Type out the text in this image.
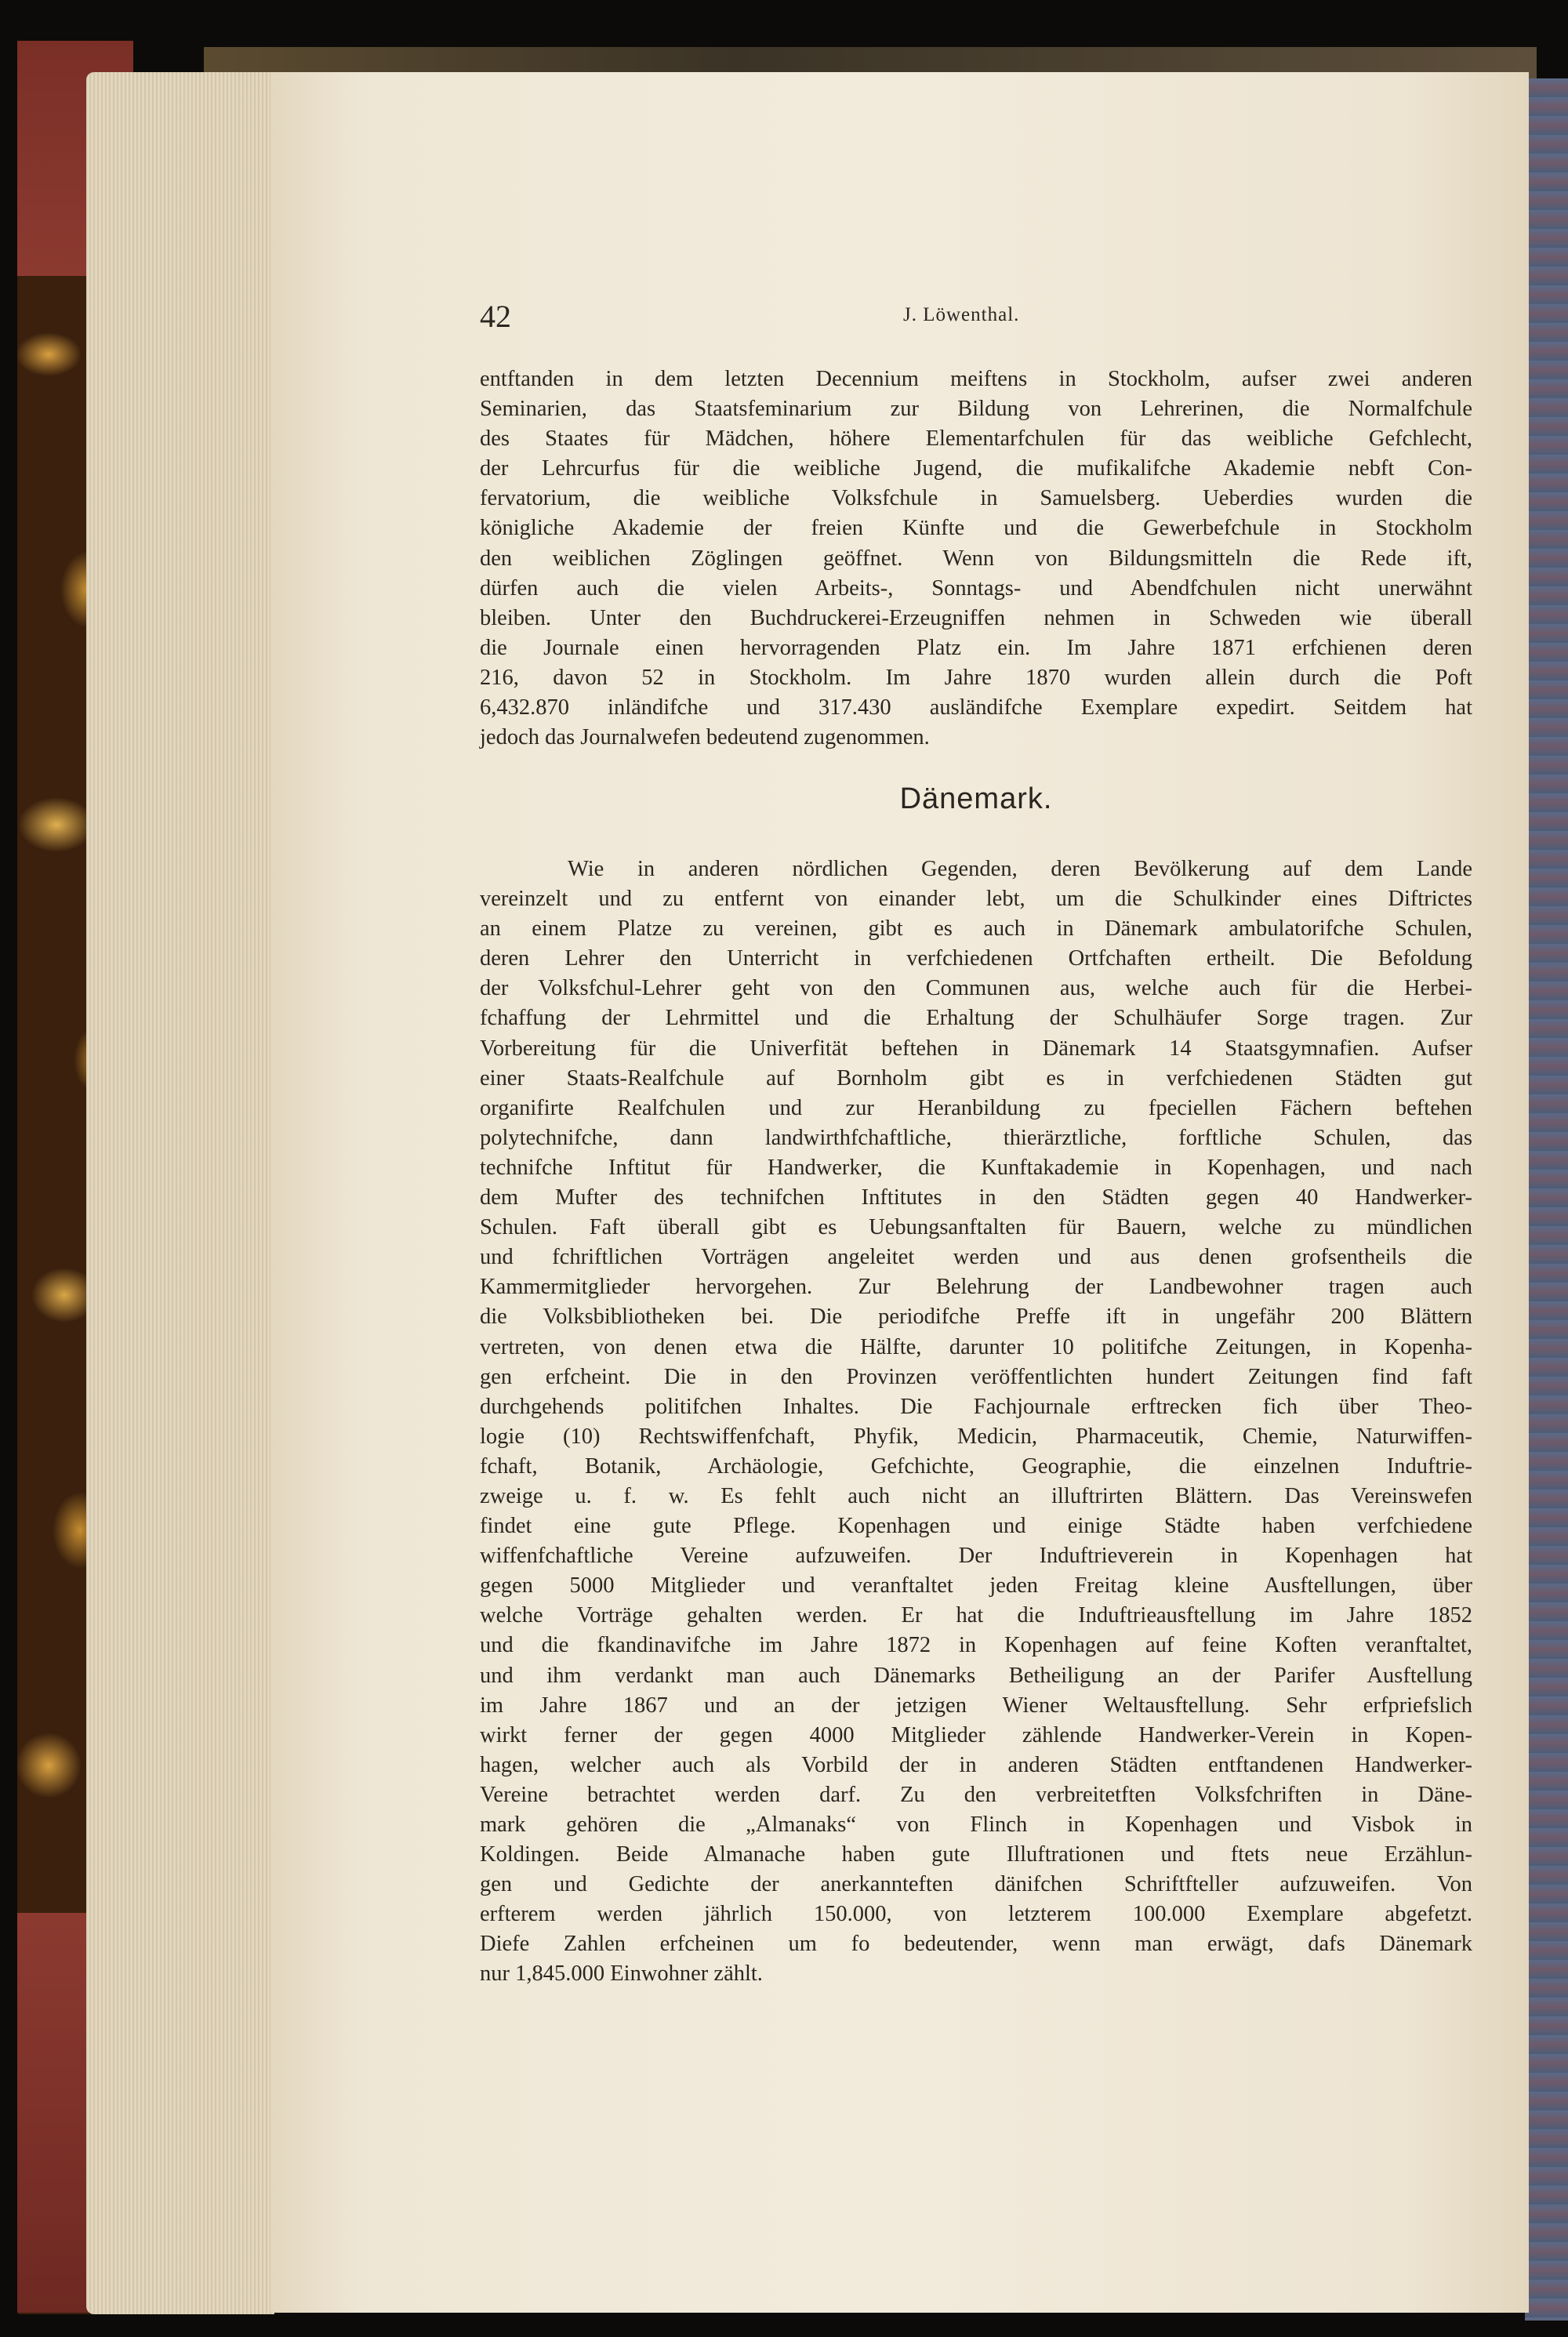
42	J. Löwenthal.
entftanden in dem letzten Decennium meiftens in Stockholm, aufser zwei anderen
Seminarien, das Staatsfeminarium zur Bildung von Lehrerinen, die Normalfchule
des Staates für Mädchen, höhere Elementarfchulen für das weibliche Gefchlecht,
der Lehrcurfus für die weibliche Jugend, die mufikalifche Akademie nebft Con-
fervatorium, die weibliche Volksfchule in Samuelsberg. Ueberdies wurden die
königliche Akademie der freien Künfte und die Gewerbefchule in Stockholm
den weiblichen Zöglingen geöffnet. Wenn von Bildungsmitteln die Rede ift,
dürfen auch die vielen Arbeits-, Sonntags- und Abendfchulen nicht unerwähnt
bleiben. Unter den Buchdruckerei-Erzeugniffen nehmen in Schweden wie überall
die Journale einen hervorragenden Platz ein. Im Jahre 1871 erfchienen deren
216, davon 52 in Stockholm. Im Jahre 1870 wurden allein durch die Poft
6,432.870 inländifche und 317.430 ausländifche Exemplare expedirt. Seitdem hat
jedoch das Journalwefen bedeutend zugenommen.
Dänemark.
Wie in anderen nördlichen Gegenden, deren Bevölkerung auf dem Lande
vereinzelt und zu entfernt von einander lebt, um die Schulkinder eines Diftrictes
an einem Platze zu vereinen, gibt es auch in Dänemark ambulatorifche Schulen,
deren Lehrer den Unterricht in verfchiedenen Ortfchaften ertheilt. Die Befoldung
der Volksfchul-Lehrer geht von den Communen aus, welche auch für die Herbei-
fchaffung der Lehrmittel und die Erhaltung der Schulhäufer Sorge tragen. Zur
Vorbereitung für die Univerfität beftehen in Dänemark 14 Staatsgymnafien. Aufser
einer Staats-Realfchule auf Bornholm gibt es in verfchiedenen Städten gut
organifirte Realfchulen und zur Heranbildung zu fpeciellen Fächern beftehen
polytechnifche, dann landwirthfchaftliche, thierärztliche, forftliche Schulen, das
technifche Inftitut für Handwerker, die Kunftakademie in Kopenhagen, und nach
dem Mufter des technifchen Inftitutes in den Städten gegen 40 Handwerker-
Schulen. Faft überall gibt es Uebungsanftalten für Bauern, welche zu mündlichen
und fchriftlichen Vorträgen angeleitet werden und aus denen grofsentheils die
Kammermitglieder hervorgehen. Zur Belehrung der Landbewohner tragen auch
die Volksbibliotheken bei. Die periodifche Preffe ift in ungefähr 200 Blättern
vertreten, von denen etwa die Hälfte, darunter 10 politifche Zeitungen, in Kopenha-
gen erfcheint. Die in den Provinzen veröffentlichten hundert Zeitungen find faft
durchgehends politifchen Inhaltes. Die Fachjournale erftrecken fich über Theo-
logie (10) Rechtswiffenfchaft, Phyfik, Medicin, Pharmaceutik, Chemie, Naturwiffen-
fchaft, Botanik, Archäologie, Gefchichte, Geographie, die einzelnen Induftrie-
zweige u. f. w. Es fehlt auch nicht an illuftrirten Blättern. Das Vereinswefen
findet eine gute Pflege. Kopenhagen und einige Städte haben verfchiedene
wiffenfchaftliche Vereine aufzuweifen. Der Induftrieverein in Kopenhagen hat
gegen 5000 Mitglieder und veranftaltet jeden Freitag kleine Ausftellungen, über
welche Vorträge gehalten werden. Er hat die Induftrieausftellung im Jahre 1852
und die fkandinavifche im Jahre 1872 in Kopenhagen auf feine Koften veranftaltet,
und ihm verdankt man auch Dänemarks Betheiligung an der Parifer Ausftellung
im Jahre 1867 und an der jetzigen Wiener Weltausftellung. Sehr erfpriefslich
wirkt ferner der gegen 4000 Mitglieder zählende Handwerker-Verein in Kopen-
hagen, welcher auch als Vorbild der in anderen Städten entftandenen Handwerker-
Vereine betrachtet werden darf. Zu den verbreitetften Volksfchriften in Däne-
mark gehören die „Almanaks“ von Flinch in Kopenhagen und Visbok in
Koldingen. Beide Almanache haben gute Illuftrationen und ftets neue Erzählun-
gen und Gedichte der anerkannteften dänifchen Schriftfteller aufzuweifen. Von
erfterem werden jährlich 150.000, von letzterem 100.000 Exemplare abgefetzt.
Diefe Zahlen erfcheinen um fo bedeutender, wenn man erwägt, dafs Dänemark
nur 1,845.000 Einwohner zählt.
